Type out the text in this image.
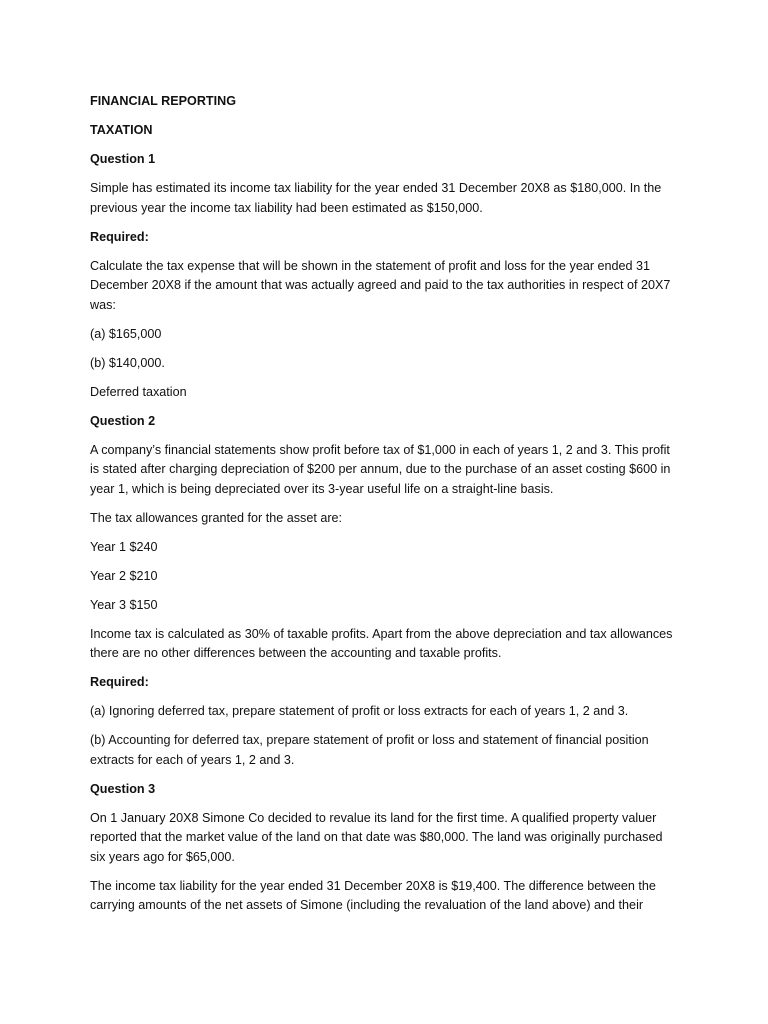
FINANCIAL REPORTING

TAXATION

Question 1

Simple has estimated its income tax liability for the year ended 31 December 20X8 as $180,000. In the previous year the income tax liability had been estimated as $150,000.

Required:

Calculate the tax expense that will be shown in the statement of profit and loss for the year ended 31 December 20X8 if the amount that was actually agreed and paid to the tax authorities in respect of 20X7 was:

(a) $165,000

(b) $140,000.

Deferred taxation

Question 2

A company’s financial statements show profit before tax of $1,000 in each of years 1, 2 and 3. This profit is stated after charging depreciation of $200 per annum, due to the purchase of an asset costing $600 in year 1, which is being depreciated over its 3-year useful life on a straight-line basis.

The tax allowances granted for the asset are:

Year 1 $240

Year 2 $210

Year 3 $150

Income tax is calculated as 30% of taxable profits. Apart from the above depreciation and tax allowances there are no other differences between the accounting and taxable profits.

Required:

(a) Ignoring deferred tax, prepare statement of profit or loss extracts for each of years 1, 2 and 3.

(b) Accounting for deferred tax, prepare statement of profit or loss and statement of financial position extracts for each of years 1, 2 and 3.

Question 3

On 1 January 20X8 Simone Co decided to revalue its land for the first time. A qualified property valuer reported that the market value of the land on that date was $80,000. The land was originally purchased six years ago for $65,000.

The income tax liability for the year ended 31 December 20X8 is $19,400. The difference between the carrying amounts of the net assets of Simone (including the revaluation of the land above) and their
